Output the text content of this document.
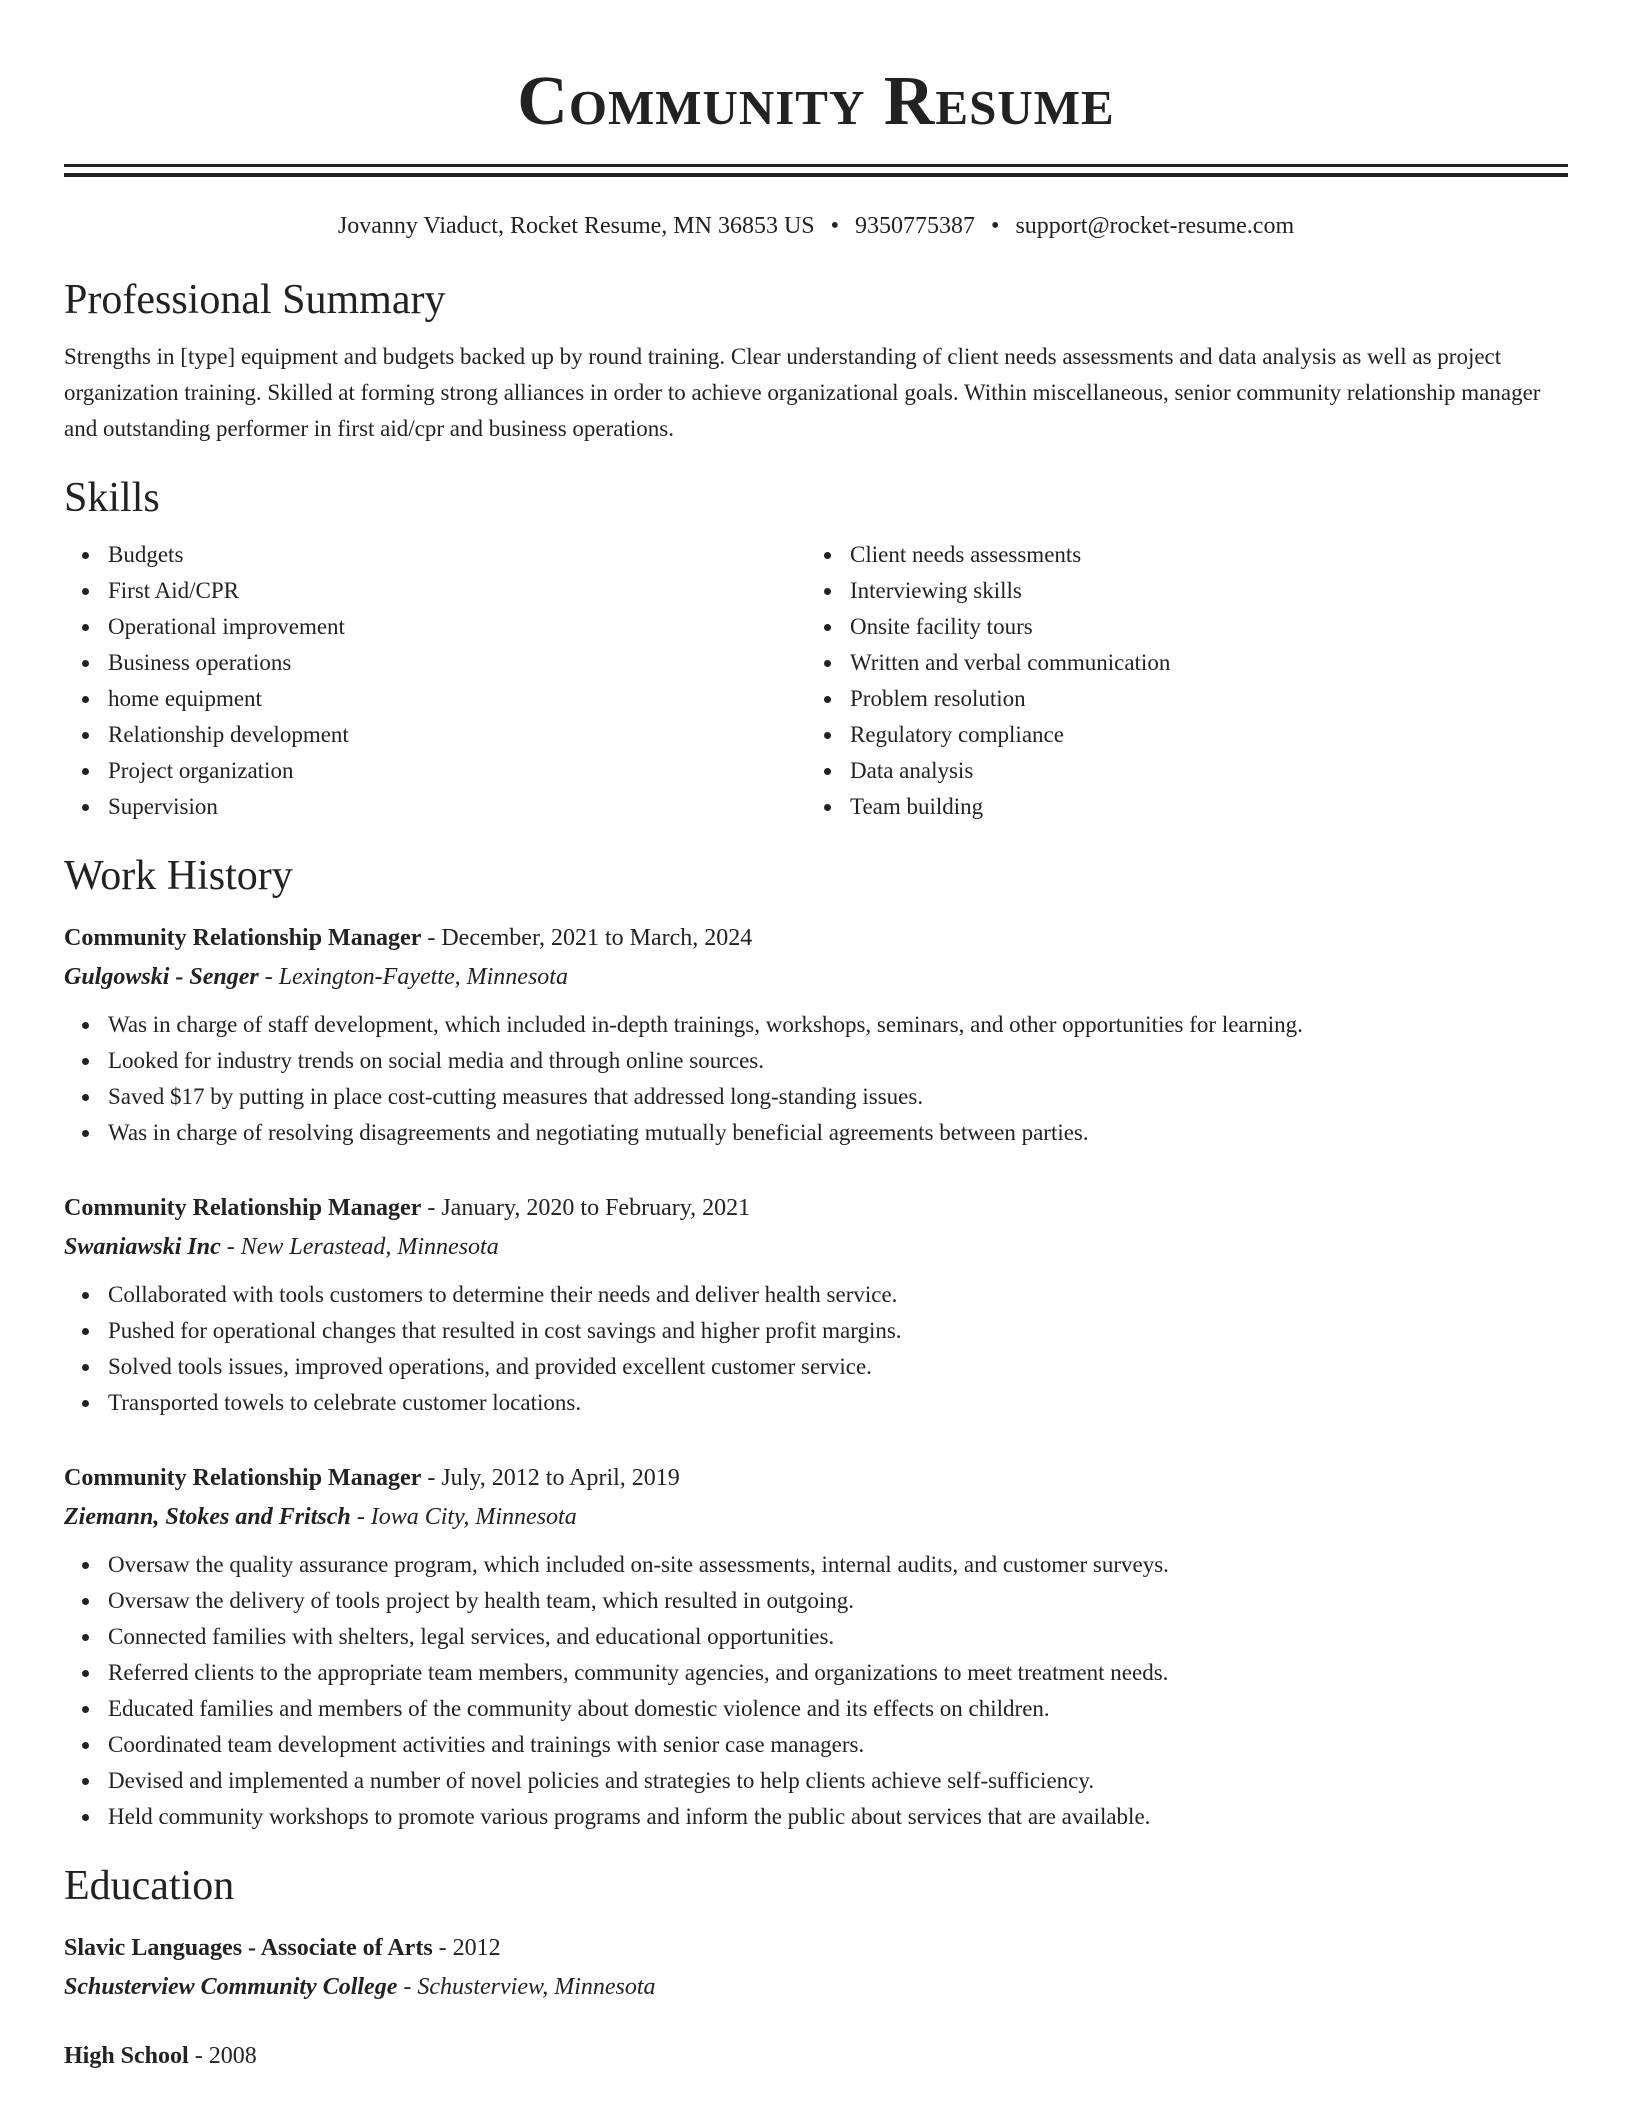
Community Resume
Jovanny Viaduct, Rocket Resume, MN 36853 US • 9350775387 • support@rocket-resume.com
Professional Summary
Strengths in [type] equipment and budgets backed up by round training. Clear understanding of client needs assessments and data analysis as well as project organization training. Skilled at forming strong alliances in order to achieve organizational goals. Within miscellaneous, senior community relationship manager and outstanding performer in first aid/cpr and business operations.
Skills
Budgets
First Aid/CPR
Operational improvement
Business operations
home equipment
Relationship development
Project organization
Supervision
Client needs assessments
Interviewing skills
Onsite facility tours
Written and verbal communication
Problem resolution
Regulatory compliance
Data analysis
Team building
Work History
Community Relationship Manager - December, 2021 to March, 2024
Gulgowski - Senger - Lexington-Fayette, Minnesota
Was in charge of staff development, which included in-depth trainings, workshops, seminars, and other opportunities for learning.
Looked for industry trends on social media and through online sources.
Saved $17 by putting in place cost-cutting measures that addressed long-standing issues.
Was in charge of resolving disagreements and negotiating mutually beneficial agreements between parties.
Community Relationship Manager - January, 2020 to February, 2021
Swaniawski Inc - New Lerastead, Minnesota
Collaborated with tools customers to determine their needs and deliver health service.
Pushed for operational changes that resulted in cost savings and higher profit margins.
Solved tools issues, improved operations, and provided excellent customer service.
Transported towels to celebrate customer locations.
Community Relationship Manager - July, 2012 to April, 2019
Ziemann, Stokes and Fritsch - Iowa City, Minnesota
Oversaw the quality assurance program, which included on-site assessments, internal audits, and customer surveys.
Oversaw the delivery of tools project by health team, which resulted in outgoing.
Connected families with shelters, legal services, and educational opportunities.
Referred clients to the appropriate team members, community agencies, and organizations to meet treatment needs.
Educated families and members of the community about domestic violence and its effects on children.
Coordinated team development activities and trainings with senior case managers.
Devised and implemented a number of novel policies and strategies to help clients achieve self-sufficiency.
Held community workshops to promote various programs and inform the public about services that are available.
Education
Slavic Languages - Associate of Arts - 2012
Schusterview Community College - Schusterview, Minnesota
High School - 2008
